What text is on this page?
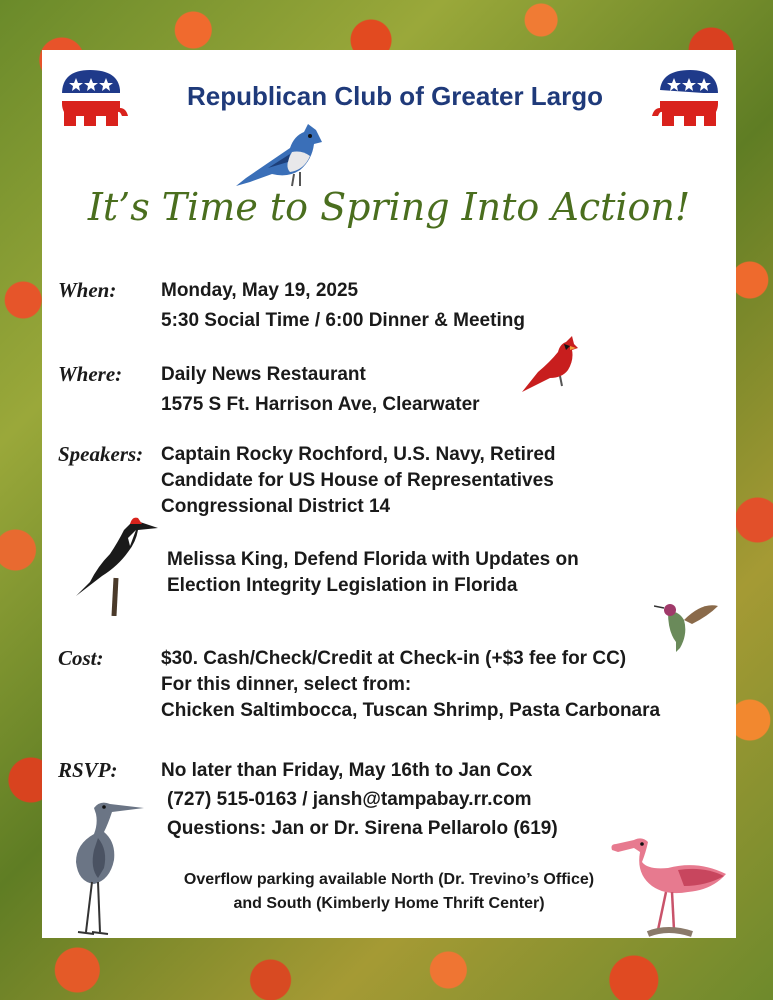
Republican Club of Greater Largo
It’s Time to Spring Into Action!
When: Monday, May 19, 2025
5:30 Social Time / 6:00 Dinner & Meeting
Where: Daily News Restaurant
1575 S Ft. Harrison Ave, Clearwater
Speakers: Captain Rocky Rochford, U.S. Navy, Retired
Candidate for US House of Representatives
Congressional District 14
Melissa King, Defend Florida with Updates on
Election Integrity Legislation in Florida
Cost:	$30. Cash/Check/Credit at Check-in (+$3 fee for CC)
For this dinner, select from:
Chicken Saltimbocca, Tuscan Shrimp, Pasta Carbonara
RSVP: No later than Friday, May 16th to Jan Cox
(727) 515-0163 / jansh@tampabay.rr.com
Questions: Jan or Dr. Sirena Pellarolo (619)
Overflow parking available North (Dr. Trevino’s Office)
and South (Kimberly Home Thrift Center)
